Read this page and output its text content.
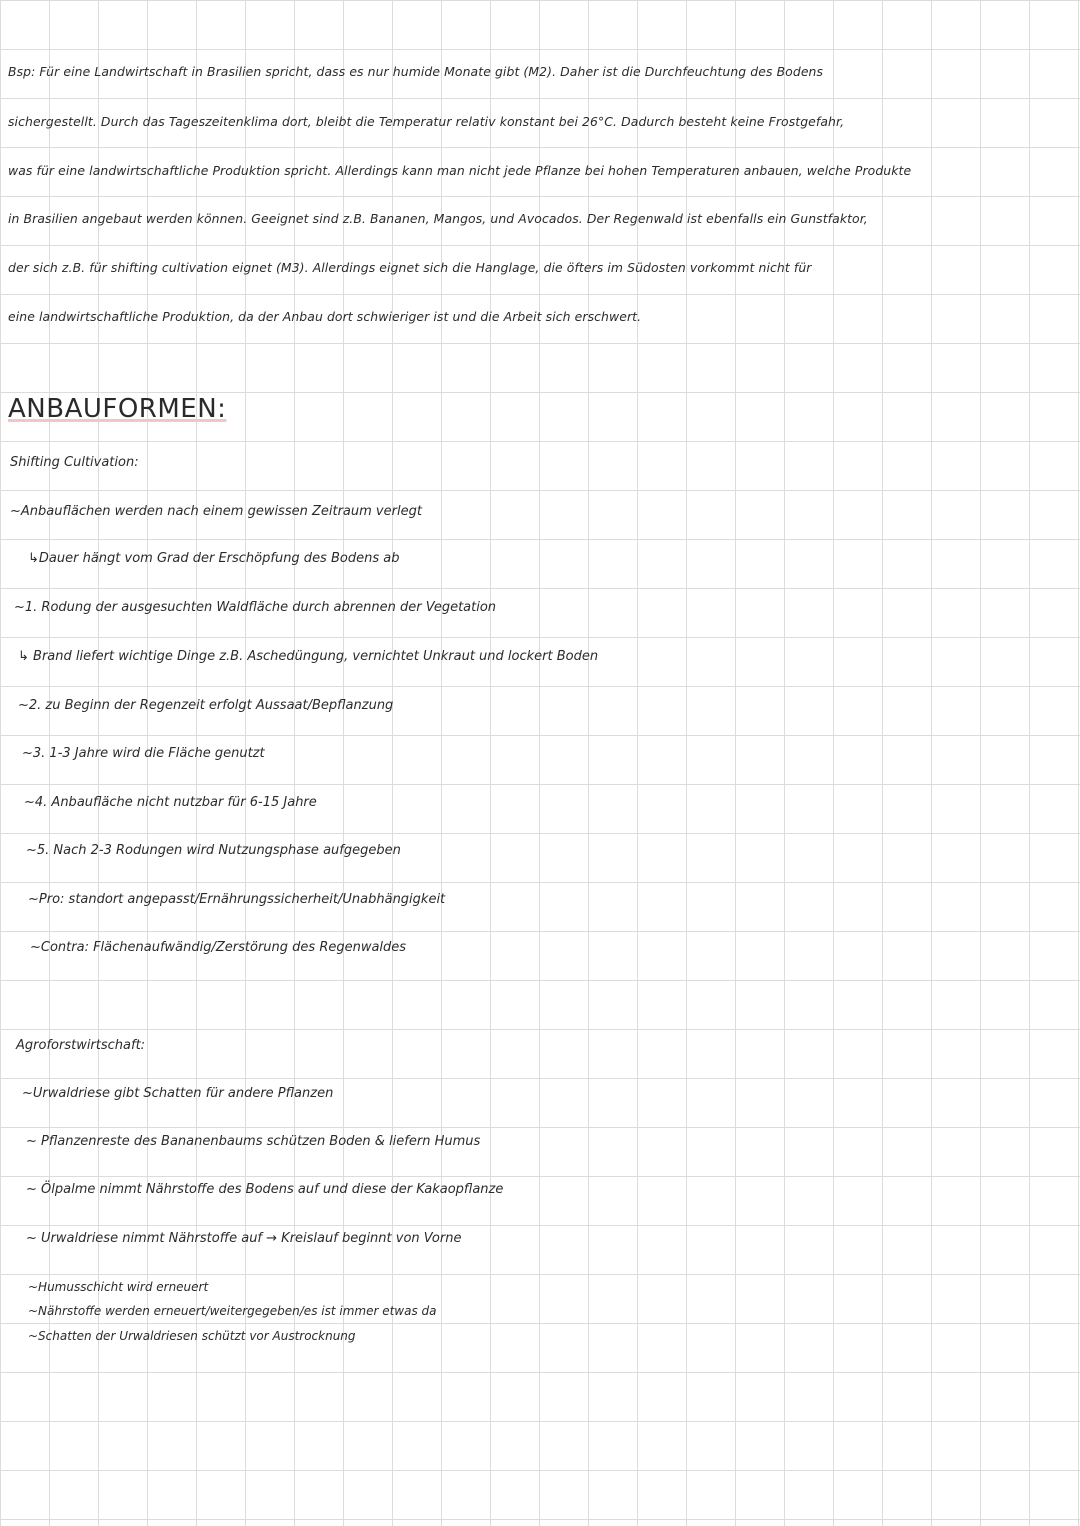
Bsp: Für eine Landwirtschaft in Brasilien spricht, dass es nur humide Monate gibt (M2). Daher ist die Durchfeuchtung des Bodens
sichergestellt. Durch das Tageszeitenklima dort, bleibt die Temperatur relativ konstant bei 26°C. Dadurch besteht keine Frostgefahr,
was für eine landwirtschaftliche Produktion spricht. Allerdings kann man nicht jede Pflanze bei hohen Temperaturen anbauen, welche Produkte
in Brasilien angebaut werden können. Geeignet sind z.B. Bananen, Mangos, und Avocados. Der Regenwald ist ebenfalls ein Gunstfaktor,
der sich z.B. für shifting cultivation eignet (M3). Allerdings eignet sich die Hanglage, die öfters im Südosten vorkommt nicht für
eine landwirtschaftliche Produktion, da der Anbau dort schwieriger ist und die Arbeit sich erschwert.
ANBAUFORMEN:
Shifting Cultivation:
~Anbauflächen werden nach einem gewissen Zeitraum verlegt
↳Dauer hängt vom Grad der Erschöpfung des Bodens ab
~1. Rodung der ausgesuchten Waldfläche durch abrennen der Vegetation
↳ Brand liefert wichtige Dinge z.B. Aschedüngung, vernichtet Unkraut und lockert Boden
~2. zu Beginn der Regenzeit erfolgt Aussaat/Bepflanzung
~3. 1-3 Jahre wird die Fläche genutzt
~4. Anbaufläche nicht nutzbar für 6-15 Jahre
~5. Nach 2-3 Rodungen wird Nutzungsphase aufgegeben
~Pro: standort angepasst/Ernährungssicherheit/Unabhängigkeit
~Contra: Flächenaufwändig/Zerstörung des Regenwaldes
Agroforstwirtschaft:
~Urwaldriese gibt Schatten für andere Pflanzen
~ Pflanzenreste des Bananenbaums schützen Boden & liefern Humus
~ Ölpalme nimmt Nährstoffe des Bodens auf und diese der Kakaopflanze
~ Urwaldriese nimmt Nährstoffe auf → Kreislauf beginnt von Vorne
~Humusschicht wird erneuert
~Nährstoffe werden erneuert/weitergegeben/es ist immer etwas da
~Schatten der Urwaldriesen schützt vor Austrocknung
